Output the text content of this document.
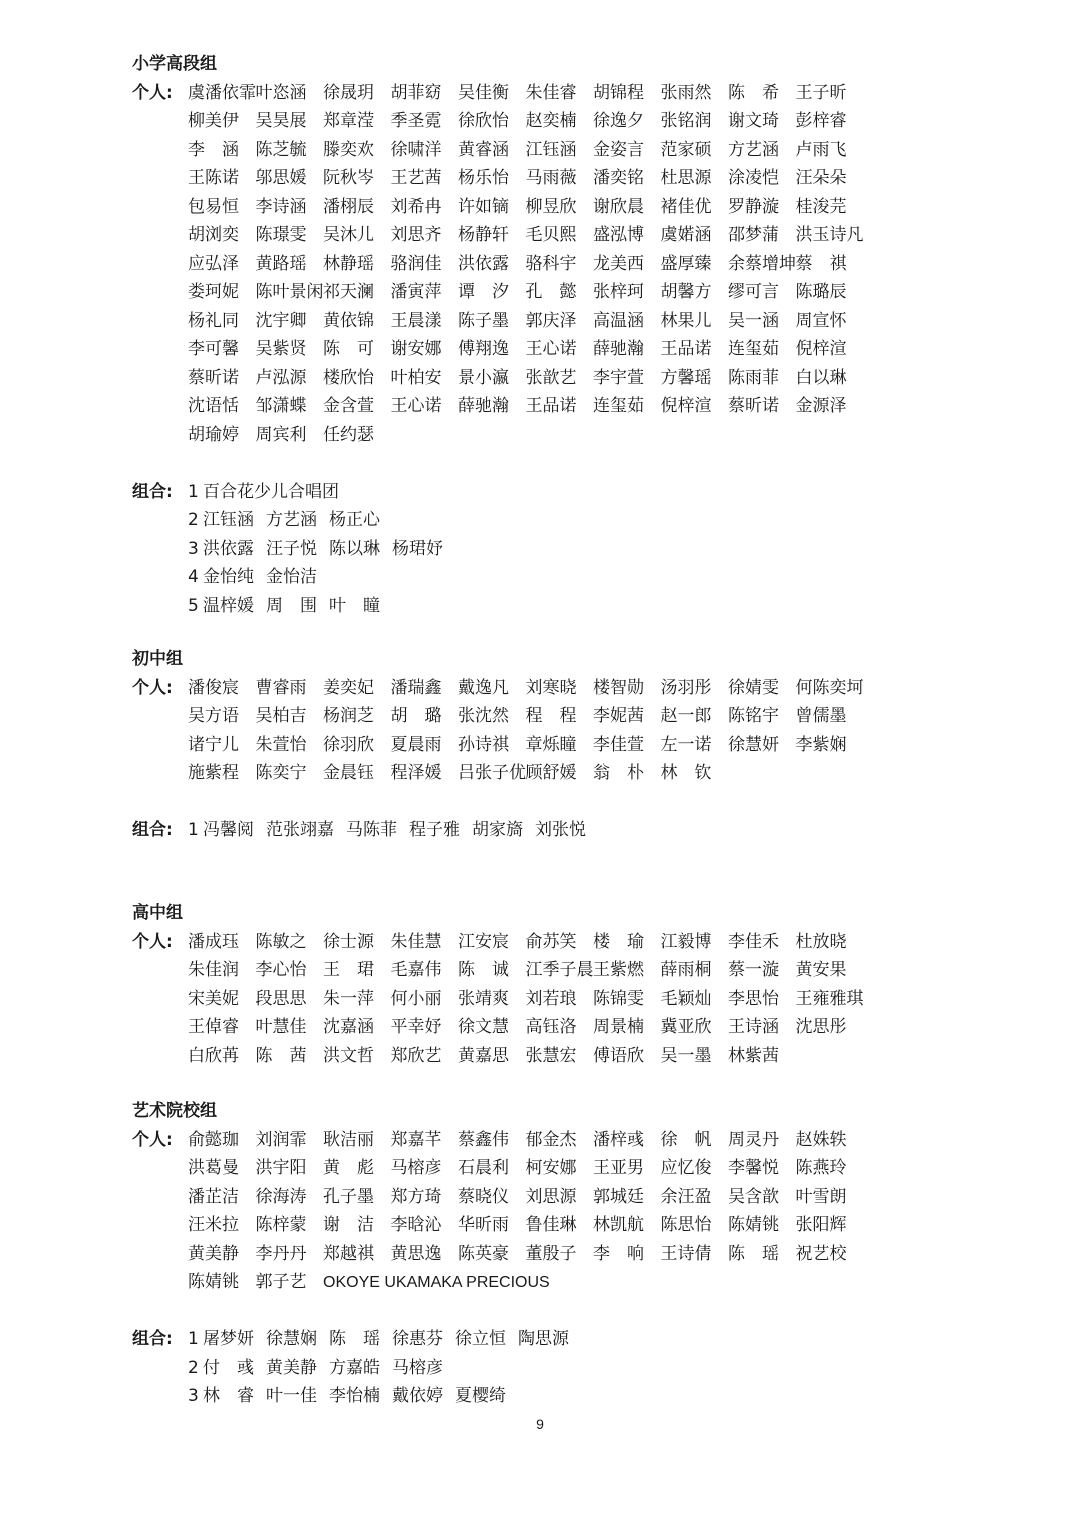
小学高段组
个人: 虞潘依霏叶恣涵 徐晟玥 胡菲窈 吴佳衡 朱佳睿 胡锦程 张雨然 陈　希 王子昕
柳美伊 吴昊展 郑章滢 季圣霓 徐欣怡 赵奕楠 徐逸夕 张铭润 谢文琦 彭梓睿
李　涵 陈芝毓 滕奕欢 徐啸洋 黄睿涵 江钰涵 金姿言 范家硕 方艺涵 卢雨飞
王陈诺 邬思媛 阮秋岑 王艺茜 杨乐怡 马雨薇 潘奕铭 杜思源 涂凌恺 汪朵朵
包易恒 李诗涵 潘栩辰 刘希冉 许如镝 柳昱欣 谢欣晨 褚佳优 罗静漩 桂浚芫
胡浏奕 陈璟雯 吴沐儿 刘思齐 杨静轩 毛贝熙 盛泓博 虞婼涵 邵梦蒲 洪玉诗凡
应弘泽 黄路瑶 林静瑶 骆润佳 洪依露 骆科宇 龙美西 盛厚臻 余蔡增坤蔡　祺
娄珂妮 陈叶景闲祁天澜 潘寅萍 谭　汐 孔　懿 张梓珂 胡馨方 缪可言 陈璐辰
杨礼同 沈宇卿 黄依锦 王晨漾 陈子墨 郭庆泽 高温涵 林果儿 吴一涵 周宣怀
李可馨 吴紫贤 陈　可 谢安娜 傅翔逸 王心诺 薛驰瀚 王品诺 连玺茹 倪梓渲
蔡昕诺 卢泓源 楼欣怡 叶柏安 景小瀛 张歆艺 李宇萱 方馨瑶 陈雨菲 白以琳
沈语恬 邹潇蝶 金含萱 王心诺 薛驰瀚 王品诺 连玺茹 倪梓渲 蔡昕诺 金源泽
胡瑜婷 周宾利 任约瑟
组合: 1 百合花少儿合唱团
2 江钰涵 方艺涵 杨正心
3 洪依露 汪子悦 陈以琳 杨珺妤
4 金怡纯 金怡洁
5 温梓媛 周　围 叶　瞳
初中组
个人: 潘俊宸 曹睿雨 姜奕妃 潘瑞鑫 戴逸凡 刘寒晓 楼智勋 汤羽彤 徐婧雯 何陈奕坷
吴方语 吴柏吉 杨润芝 胡　璐 张沈然 程　程 李妮茜 赵一郎 陈铭宇 曾儒墨
诸宁儿 朱萱怡 徐羽欣 夏晨雨 孙诗祺 章烁瞳 李佳萱 左一诺 徐慧妍 李紫娴
施紫程 陈奕宁 金晨钰 程泽媛 吕张子优顾舒媛 翁　朴 林　钦
组合: 1 冯馨阅 范张翊嘉 马陈菲 程子雅 胡家旖 刘张悦
高中组
个人: 潘成珏 陈敏之 徐士源 朱佳慧 江安宸 俞苏笑 楼　瑜 江毅博 李佳禾 杜放晓
朱佳润 李心怡 王　珺 毛嘉伟 陈　诚 江季子晨王紫燃 薛雨桐 蔡一漩 黄安果
宋美妮 段思思 朱一萍 何小丽 张靖爽 刘若琅 陈锦雯 毛颖灿 李思怡 王雍雅琪
王倬睿 叶慧佳 沈嘉涵 平幸妤 徐文慧 高钰洛 周景楠 冀亚欣 王诗涵 沈思彤
白欣苒 陈　茜 洪文哲 郑欣艺 黄嘉思 张慧宏 傅语欣 吴一墨 林紫茜
艺术院校组
个人: 俞懿珈 刘润霏 耿洁丽 郑嘉芊 蔡鑫伟 郁金杰 潘梓彧 徐　帆 周灵丹 赵姝轶
洪葛曼 洪宇阳 黄　彪 马榕彦 石晨利 柯安娜 王亚男 应忆俊 李馨悦 陈燕玲
潘芷洁 徐海涛 孔子墨 郑方琦 蔡晓仪 刘思源 郭城廷 余汪盈 吴含歆 叶雪朗
汪米拉 陈梓蒙 谢　洁 李晗沁 华昕雨 鲁佳琳 林凯航 陈思怡 陈婧铫 张阳辉
黄美静 李丹丹 郑越祺 黄思逸 陈英豪 董殷子 李　响 王诗倩 陈　瑶 祝艺校
陈婧铫 郭子艺 OKOYE UKAMAKA PRECIOUS
组合: 1 屠梦妍 徐慧娴 陈　瑶 徐惠芬 徐立恒 陶思源
2 付　彧 黄美静 方嘉皓 马榕彦
3 林　睿 叶一佳 李怡楠 戴依婷 夏樱绮
9
